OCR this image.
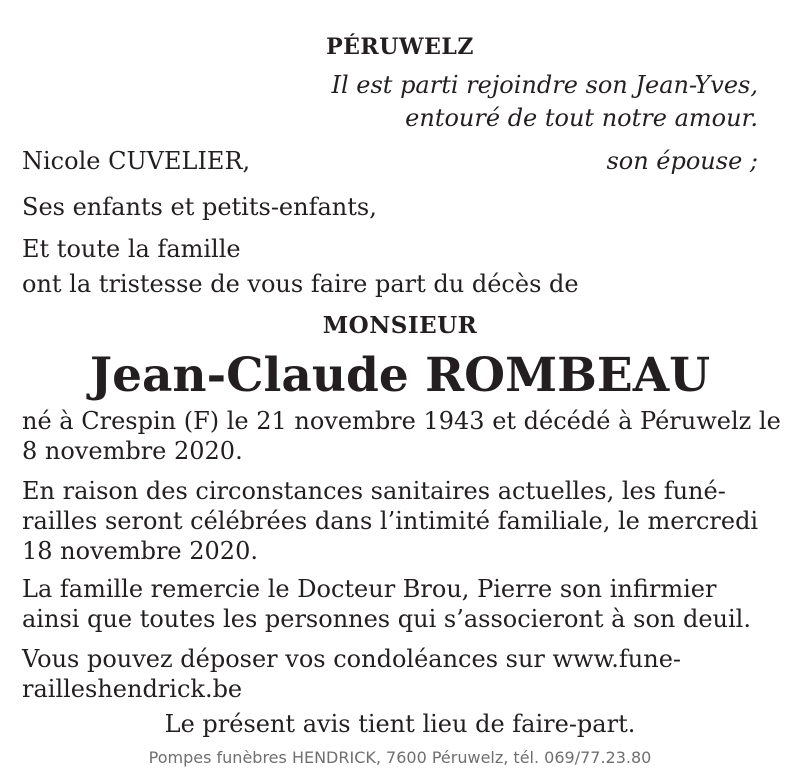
PÉRUWELZ
Il est parti rejoindre son Jean-Yves,
entouré de tout notre amour.
Nicole CUVELIER,	son épouse ;
Ses enfants et petits-enfants,
Et toute la famille
ont la tristesse de vous faire part du décès de
MONSIEUR
Jean-Claude ROMBEAU
né à Crespin (F) le 21 novembre 1943 et décédé à Péruwelz le
8 novembre 2020.
En raison des circonstances sanitaires actuelles, les funé-
railles seront célébrées dans l’intimité familiale, le mercredi
18 novembre 2020.
La famille remercie le Docteur Brou, Pierre son infirmier
ainsi que toutes les personnes qui s’associeront à son deuil.
Vous pouvez déposer vos condoléances sur www.fune-
railleshendrick.be
Le présent avis tient lieu de faire-part.
Pompes funèbres HENDRICK, 7600 Péruwelz, tél. 069/77.23.80
